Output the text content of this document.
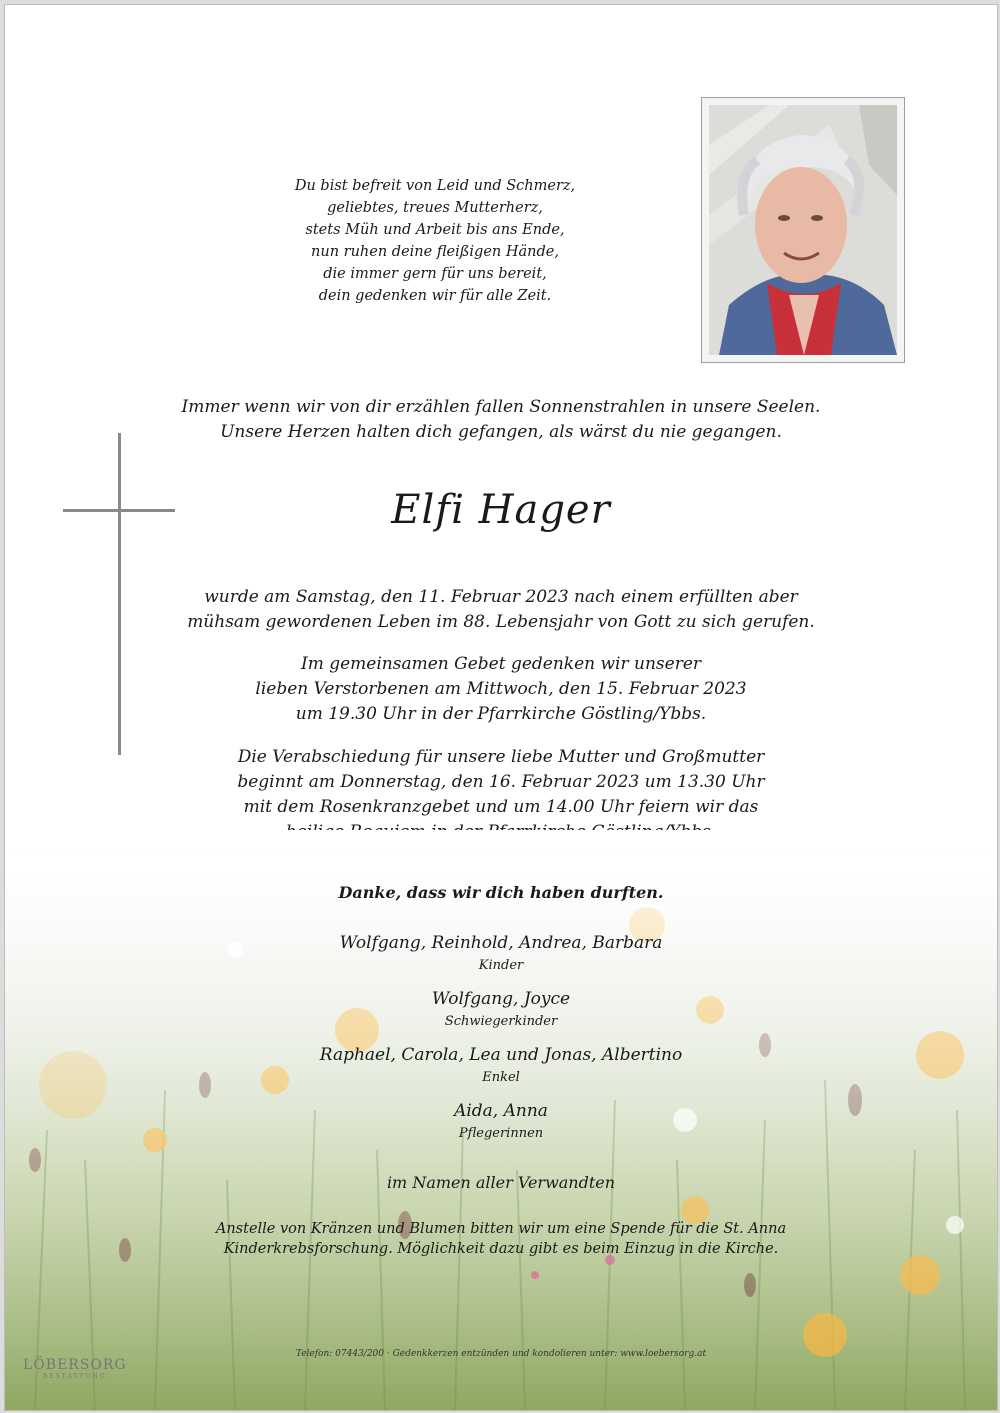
Du bist befreit von Leid und Schmerz,
geliebtes, treues Mutterherz,
stets Müh und Arbeit bis ans Ende,
nun ruhen deine fleißigen Hände,
die immer gern für uns bereit,
dein gedenken wir für alle Zeit.
Immer wenn wir von dir erzählen fallen Sonnenstrahlen in unsere Seelen.
Unsere Herzen halten dich gefangen, als wärst du nie gegangen.
Elfi Hager
wurde am Samstag, den 11. Februar 2023 nach einem erfüllten aber
mühsam gewordenen Leben im 88. Lebensjahr von Gott zu sich gerufen.
Im gemeinsamen Gebet gedenken wir unserer
lieben Verstorbenen am Mittwoch, den 15. Februar 2023
um 19.30 Uhr in der Pfarrkirche Göstling/Ybbs.
Die Verabschiedung für unsere liebe Mutter und Großmutter
beginnt am Donnerstag, den 16. Februar 2023 um 13.30 Uhr
mit dem Rosenkranzgebet und um 14.00 Uhr feiern wir das
Danke, dass wir dich haben durften.
Wolfgang, Reinhold, Andrea, Barbara
Kinder
Wolfgang, Joyce
Schwiegerkinder
Raphael, Carola, Lea und Jonas, Albertino
Enkel
Aida, Anna
Pflegerinnen
im Namen aller Verwandten
Anstelle von Kränzen und Blumen bitten wir um eine Spende für die St. Anna
Kinderkrebsforschung. Möglichkeit dazu gibt es beim Einzug in die Kirche.
Telefon: 07443/200 · Gedenkkerzen entzünden und kondolieren unter: www.loebersorg.at
LÖBERSORG
BESTATTUNG
